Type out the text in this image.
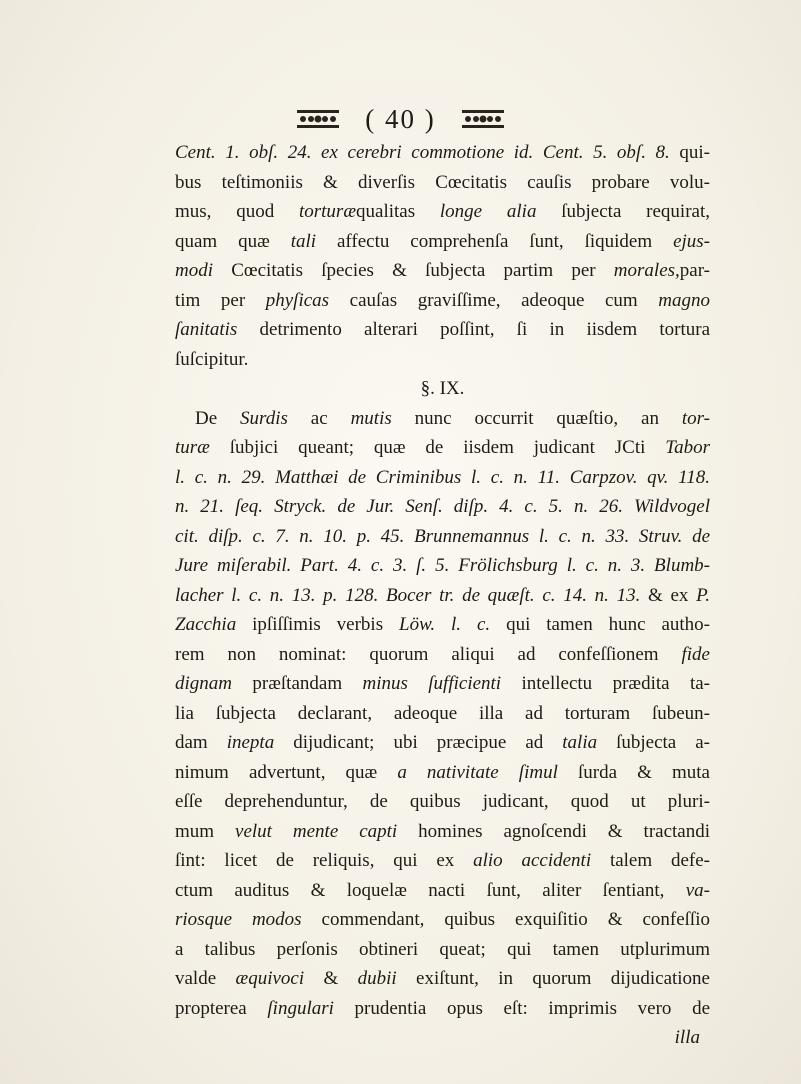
( 40 )
Cent. 1. obſ. 24. ex cerebri commotione id. Cent. 5. obſ. 8. qui-
bus teſtimoniis & diverſis Cœcitatis cauſis probare volu-
mus, quod torturæqualitas longe alia ſubjecta requirat,
quam quæ tali affectu comprehenſa ſunt, ſiquidem ejus-
modi Cœcitatis ſpecies & ſubjecta partim per morales,par-
tim per phyſicas cauſas graviſſime, adeoque cum magno
ſanitatis detrimento alterari poſſint, ſi in iisdem tortura
ſuſcipitur.
§. IX.
De Surdis ac mutis nunc occurrit quæſtio, an tor-
turæ ſubjici queant; quæ de iisdem judicant JCti Tabor
l. c. n. 29. Matthæi de Criminibus l. c. n. 11. Carpzov. qv. 118.
n. 21. ſeq. Stryck. de Jur. Senſ. diſp. 4. c. 5. n. 26. Wildvogel
cit. diſp. c. 7. n. 10. p. 45. Brunnemannus l. c. n. 33. Struv. de
Jure miſerabil. Part. 4. c. 3. ſ. 5. Frölichsburg l. c. n. 3. Blumb-
lacher l. c. n. 13. p. 128. Bocer tr. de quæſt. c. 14. n. 13. & ex P.
Zacchia ipſiſſimis verbis Löw. l. c. qui tamen hunc autho-
rem non nominat: quorum aliqui ad confeſſionem fide
dignam præſtandam minus ſufficienti intellectu prædita ta-
lia ſubjecta declarant, adeoque illa ad torturam ſubeun-
dam inepta dijudicant; ubi præcipue ad talia ſubjecta a-
nimum advertunt, quæ a nativitate ſimul ſurda & muta
eſſe deprehenduntur, de quibus judicant, quod ut pluri-
mum velut mente capti homines agnoſcendi & tractandi
ſint: licet de reliquis, qui ex alio accidenti talem defe-
ctum auditus & loquelæ nacti ſunt, aliter ſentiant, va-
riosque modos commendant, quibus exquiſitio & confeſſio
a talibus perſonis obtineri queat; qui tamen utplurimum
valde æquivoci & dubii exiſtunt, in quorum dijudicatione
propterea ſingulari prudentia opus eſt: imprimis vero de
illa
